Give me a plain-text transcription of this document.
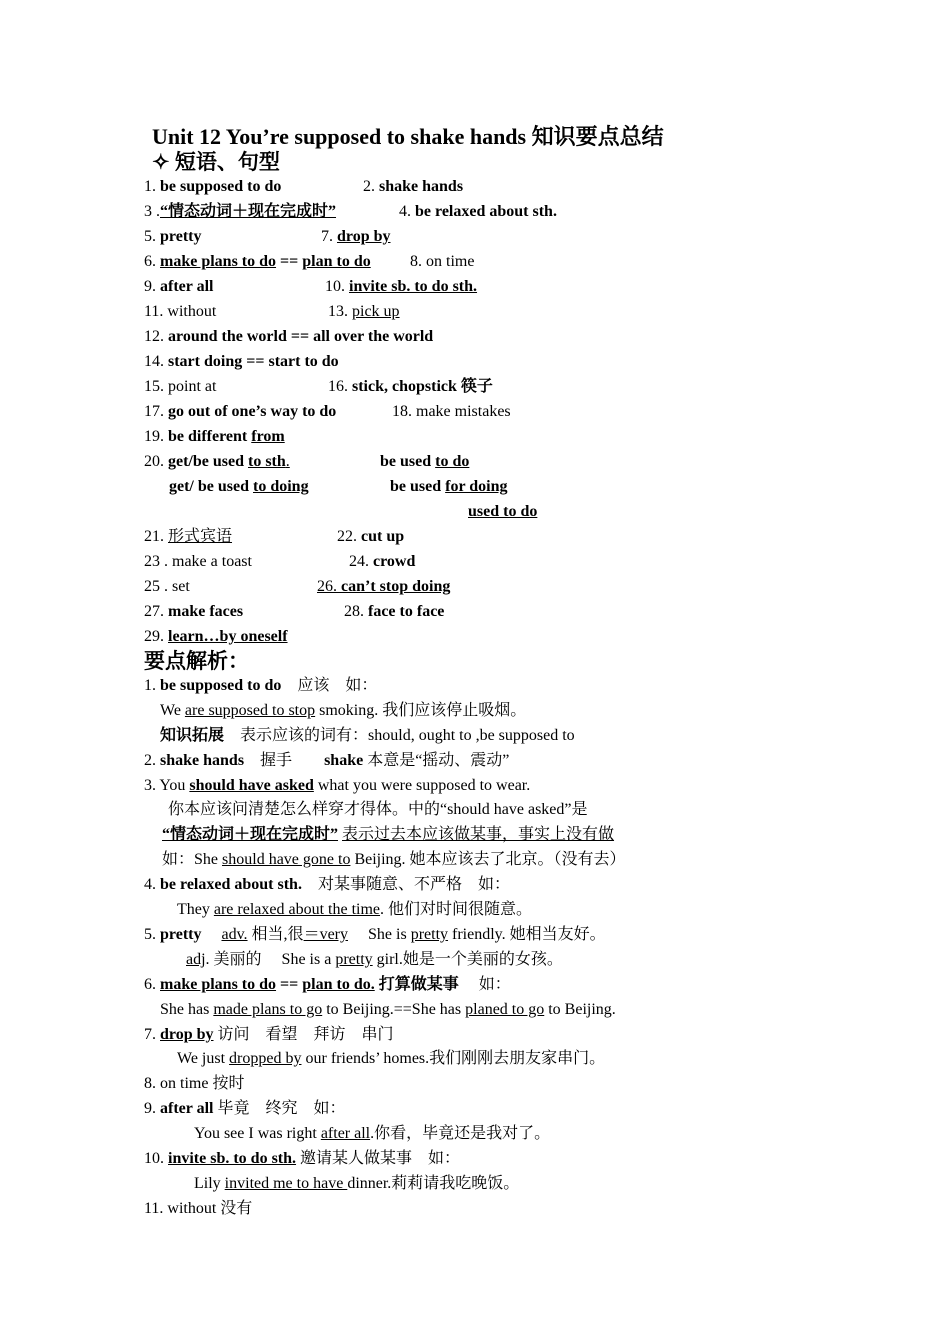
Unit 12 You’re supposed to shake hands 知识要点总结
✧ 短语、句型
1. be supposed to do	2. shake hands
3 .“情态动词＋现在完成时”	4. be relaxed about sth.
5. pretty	7. drop by
6. make plans to do == plan to do 8. on time
9. after all	10. invite sb. to do sth.
11. without	13. pick up
12. around the world == all over the world
14. start doing == start to do
15. point at	16. stick, chopstick 筷子
17. go out of one’s way to do	18. make mistakes
19. be different from
20. get/be used to sth.	be used to do
get/ be used to doing	be used for doing
used to do
21. 形式宾语	22. cut up
23 . make a toast	24. crowd
25 . set	26. can’t stop doing
27. make faces	28. face to face
29. learn…by oneself
要点解析：
1. be supposed to do　应该　如：
We are supposed to stop smoking. 我们应该停止吸烟。
知识拓展　表示应该的词有：should, ought to ,be supposed to
2. shake hands　握手　　shake 本意是“摇动、震动”
3. You should have asked what you were supposed to wear.
你本应该问清楚怎么样穿才得体。中的“should have asked”是
“情态动词＋现在完成时” 表示过去本应该做某事，事实上没有做
如：She should have gone to Beijing. 她本应该去了北京。（没有去）
4. be relaxed about sth.　对某事随意、不严格　如：
They are relaxed about the time. 他们对时间很随意。
5. pretty　 adv. 相当,很＝very　 She is pretty friendly. 她相当友好。
adj. 美丽的　 She is a pretty girl.她是一个美丽的女孩。
6. make plans to do == plan to do. 打算做某事　 如：
She has made plans to go to Beijing.==She has planed to go to Beijing.
7. drop by 访问　看望　拜访　串门
We just dropped by our friends’ homes.我们刚刚去朋友家串门。
8. on time 按时
9. after all 毕竟　终究　如：
You see I was right after all.你看，毕竟还是我对了。
10. invite sb. to do sth. 邀请某人做某事　如：
Lily invited me to have dinner.莉莉请我吃晚饭。
11. without 没有
